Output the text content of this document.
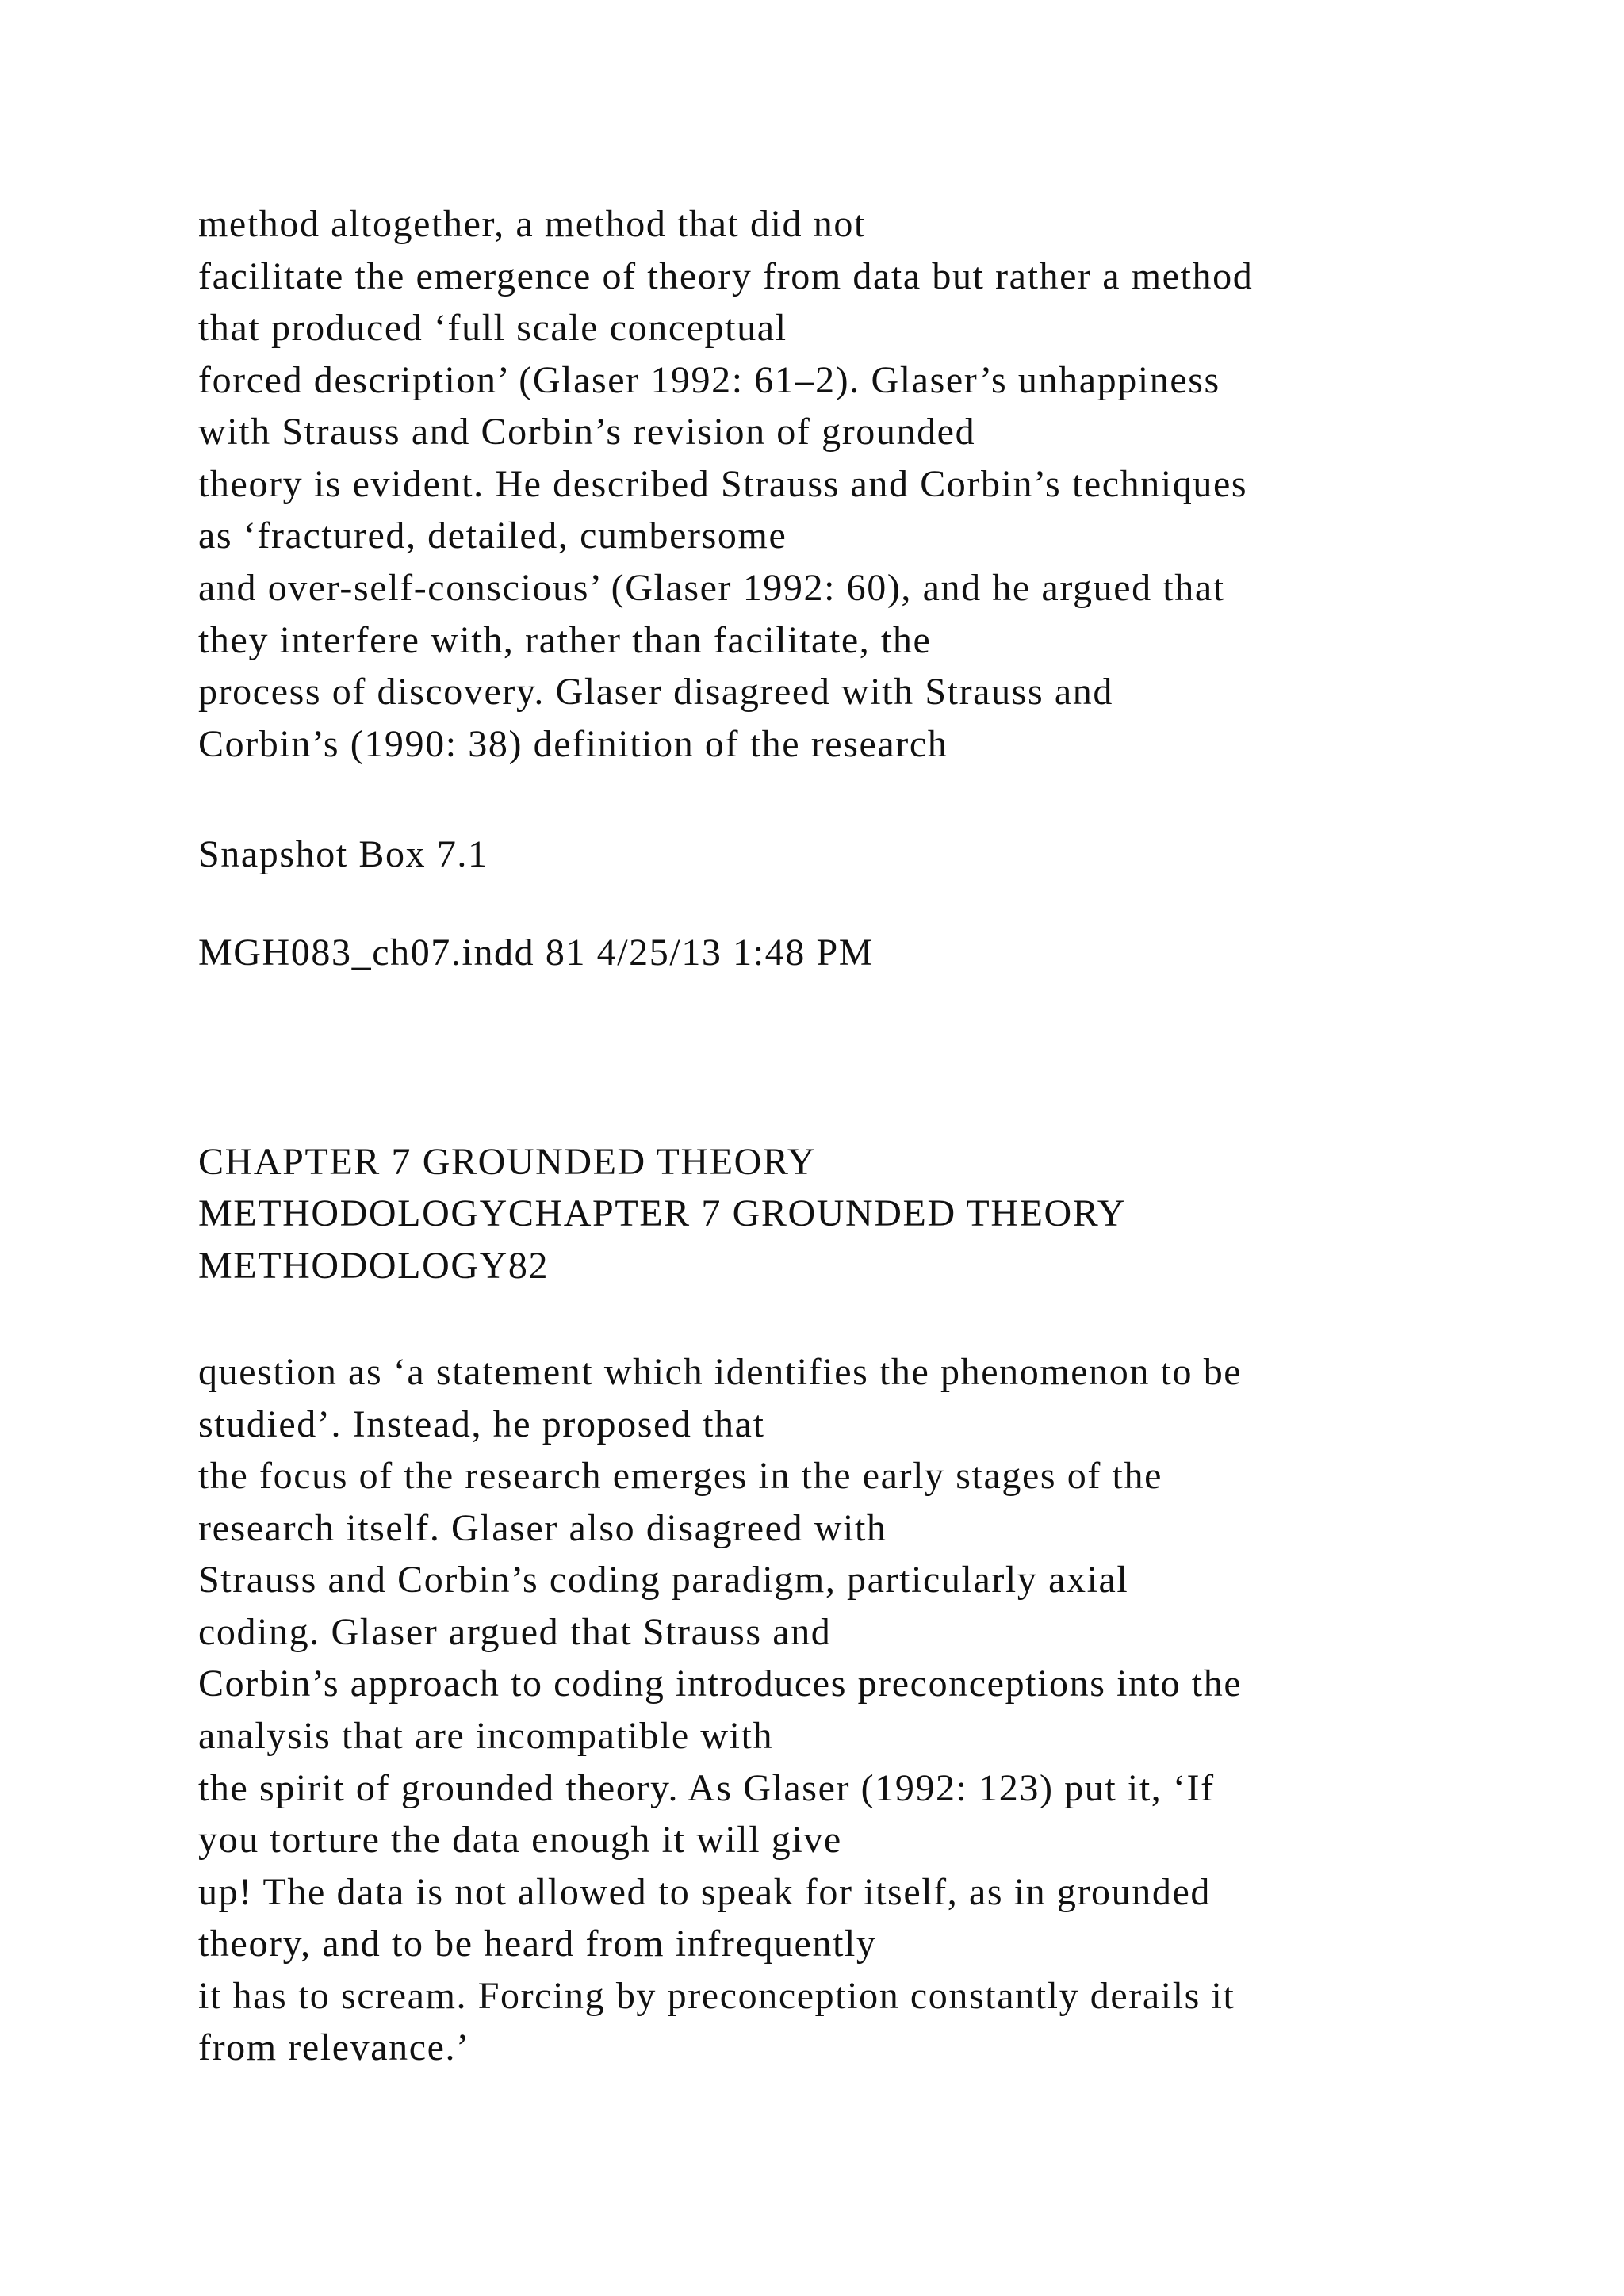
method altogether, a method that did not

facilitate the emergence of theory from data but rather a method

that produced ‘full scale conceptual

forced description’ (Glaser 1992: 61–2). Glaser’s unhappiness

with Strauss and Corbin’s revision of grounded

theory is evident. He described Strauss and Corbin’s techniques

as ‘fractured, detailed, cumbersome

and over-self-conscious’ (Glaser 1992: 60), and he argued that

they interfere with, rather than facilitate, the

process of discovery. Glaser disagreed with Strauss and

Corbin’s (1990: 38) definition of the research

Snapshot Box 7.1

MGH083_ch07.indd 81 4/25/13 1:48 PM

CHAPTER 7 GROUNDED THEORY

METHODOLOGYCHAPTER 7 GROUNDED THEORY

METHODOLOGY82

question as ‘a statement which identifies the phenomenon to be

studied’. Instead, he proposed that

the focus of the research emerges in the early stages of the

research itself. Glaser also disagreed with

Strauss and Corbin’s coding paradigm, particularly axial

coding. Glaser argued that Strauss and

Corbin’s approach to coding introduces preconceptions into the

analysis that are incompatible with

the spirit of grounded theory. As Glaser (1992: 123) put it, ‘If

you torture the data enough it will give

up! The data is not allowed to speak for itself, as in grounded

theory, and to be heard from infrequently

it has to scream. Forcing by preconception constantly derails it

from relevance.’
